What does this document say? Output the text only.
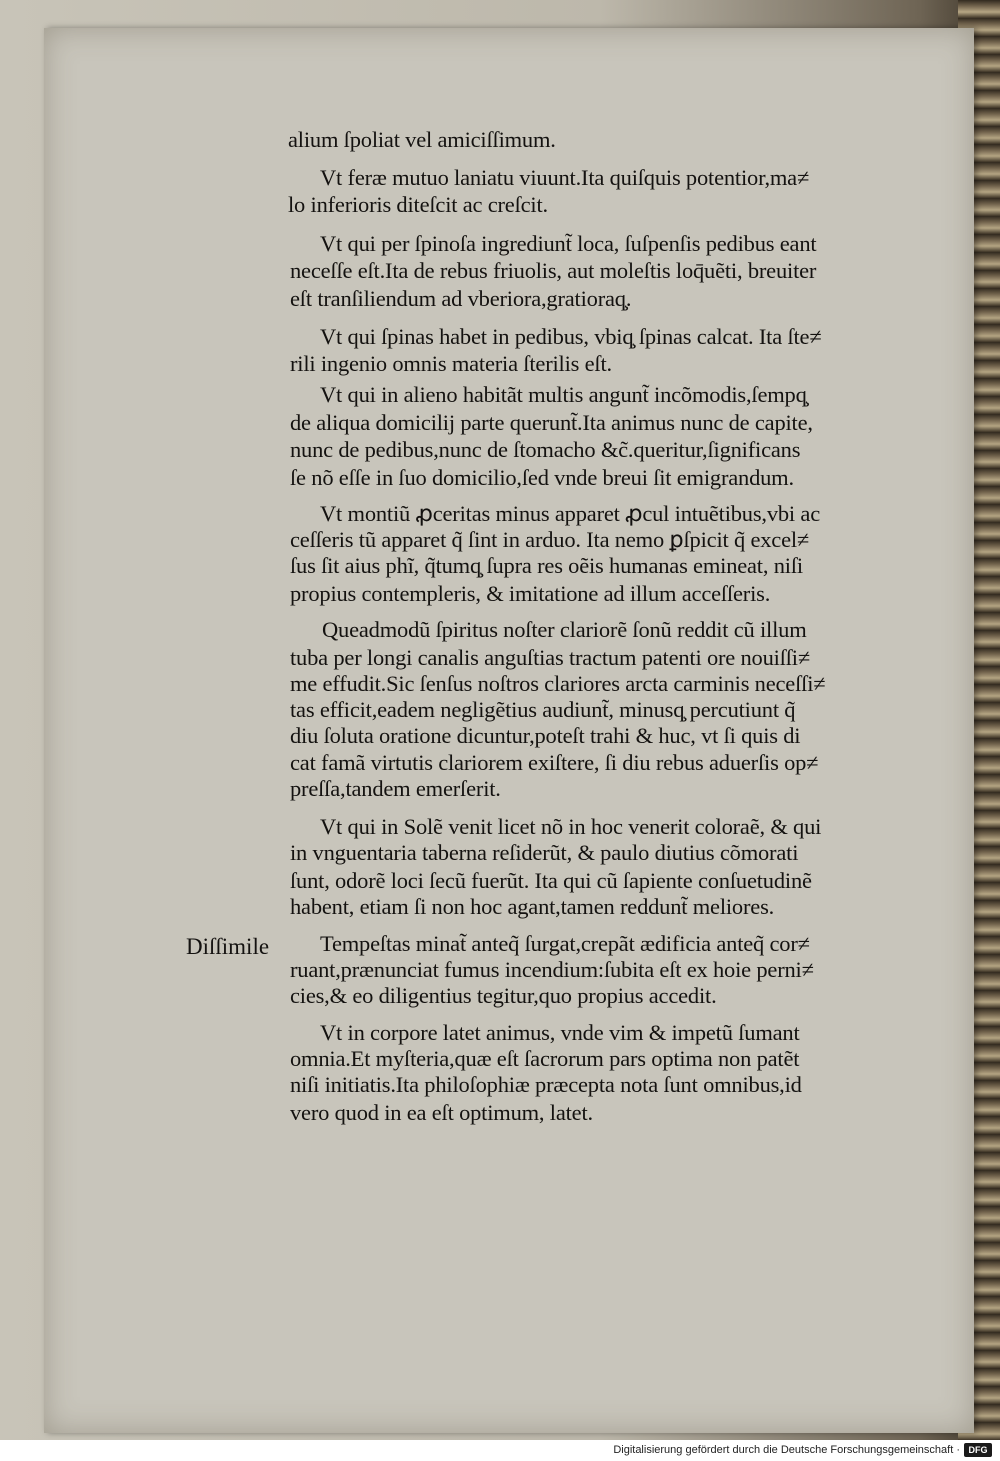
alium ſpoliat vel amiciſſimum.

Vt feræ mutuo laniatu viuunt.Ita quiſquis potentior,ma≠

lo inferioris diteſcit ac creſcit.

Vt qui per ſpinoſa ingrediunt̃ loca, ſuſpenſis pedibus eant

neceſſe eſt.Ita de rebus friuolis, aut moleſtis loq̄uẽti, breuiter

eſt tranſiliendum ad vberiora,gratioraq̧.

Vt qui ſpinas habet in pedibus, vbiq̧ ſpinas calcat. Ita ſte≠

rili ingenio omnis materia ſterilis eſt.

Vt qui in alieno habitãt multis angunt̃ incõmodis,ſempq̧

de aliqua domicilij parte querunt̃.Ita animus nunc de capite,

nunc de pedibus,nunc de ſtomacho &c̃.queritur,ſignificans

ſe nõ eſſe in ſuo domicilio,ſed vnde breui ſit emigrandum.

Vt montiũ ꝓceritas minus apparet ꝓcul intuẽtibus,vbi ac

ceſſeris tũ apparet q̃ ſint in arduo. Ita nemo ꝑſpicit q̃ excel≠

ſus ſit aius phĩ, q̃tumq̧ ſupra res oẽis humanas emineat, niſi

propius contempleris, & imitatione ad illum acceſſeris.

Queadmodũ ſpiritus noſter clariorẽ ſonũ reddit cũ illum

tuba per longi canalis anguſtias tractum patenti ore nouiſſi≠

me effudit.Sic ſenſus noſtros clariores arcta carminis neceſſi≠

tas efficit,eadem negligẽtius audiunt̃, minusq̧ percutiunt q̃

diu ſoluta oratione dicuntur,poteſt trahi & huc, vt ſi quis di

cat famã virtutis clariorem exiſtere, ſi diu rebus aduerſis op≠

preſſa,tandem emerſerit.

Vt qui in Solẽ venit licet nõ in hoc venerit coloraẽ, & qui

in vnguentaria taberna reſiderũt, & paulo diutius cõmorati

ſunt, odorẽ loci ſecũ fuerũt. Ita qui cũ ſapiente conſuetudinẽ

habent, etiam ſi non hoc agant,tamen reddunt̃ meliores.

Tempeſtas minat̃ anteq̃ ſurgat,crepãt ædificia anteq̃ cor≠

ruant,prænunciat fumus incendium:ſubita eſt ex hoie perni≠

cies,& eo diligentius tegitur,quo propius accedit.

Vt in corpore latet animus, vnde vim & impetũ ſumant

omnia.Et myſteria,quæ eſt ſacrorum pars optima non patẽt

niſi initiatis.Ita philoſophiæ præcepta nota ſunt omnibus,id

vero quod in ea eſt optimum, latet.

Diſſimile

Digitalisierung gefördert durch die Deutsche Forschungsgemeinschaft · DFG
